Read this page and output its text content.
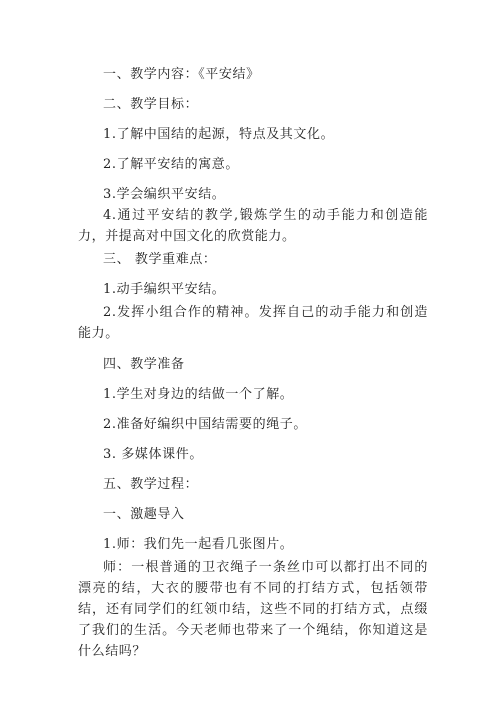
一、教学内容：《平安结》
二、教学目标：
1.了解中国结的起源，特点及其文化。
2.了解平安结的寓意。
3.学会编织平安结。
4.通过平安结的教学,锻炼学生的动手能力和创造能力，并提高对中国文化的欣赏能力。
三、 教学重难点：
1.动手编织平安结。
2.发挥小组合作的精神。发挥自己的动手能力和创造能力。
四、教学准备
1.学生对身边的结做一个了解。
2.准备好编织中国结需要的绳子。
3. 多媒体课件。
五、教学过程：
一、激趣导入
1.师：我们先一起看几张图片。
师：一根普通的卫衣绳子一条丝巾可以都打出不同的漂亮的结，大衣的腰带也有不同的打结方式，包括领带结，还有同学们的红领巾结，这些不同的打结方式，点缀了我们的生活。今天老师也带来了一个绳结，你知道这是什么结吗？
